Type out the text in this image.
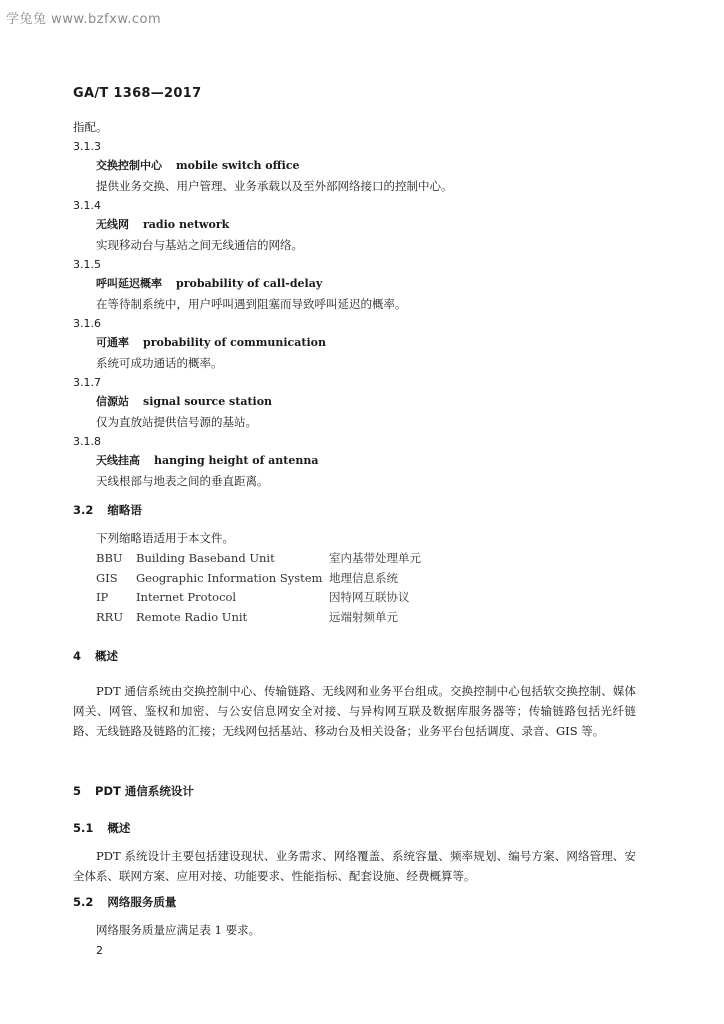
学兔兔 www.bzfxw.com
GA/T 1368—2017
指配。
3.1.3
交换控制中心 mobile switch office
提供业务交换、用户管理、业务承载以及至外部网络接口的控制中心。
3.1.4
无线网 radio network
实现移动台与基站之间无线通信的网络。
3.1.5
呼叫延迟概率 probability of call-delay
在等待制系统中，用户呼叫遇到阻塞而导致呼叫延迟的概率。
3.1.6
可通率 probability of communication
系统可成功通话的概率。
3.1.7
信源站 signal source station
仅为直放站提供信号源的基站。
3.1.8
天线挂高 hanging height of antenna
天线根部与地表之间的垂直距离。
3.2 缩略语
下列缩略语适用于本文件。
BBU Building Baseband Unit	室内基带处理单元
GIS Geographic Information System 地理信息系统
IP Internet Protocol	因特网互联协议
RRU Remote Radio Unit	远端射频单元
4 概述
PDT 通信系统由交换控制中心、传输链路、无线网和业务平台组成。交换控制中心包括软交换控制、媒体网关、网管、鉴权和加密、与公安信息网安全对接、与异构网互联及数据库服务器等；传输链路包括光纤链路、无线链路及链路的汇接；无线网包括基站、移动台及相关设备；业务平台包括调度、录音、GIS 等。
5 PDT 通信系统设计
5.1 概述
PDT 系统设计主要包括建设现状、业务需求、网络覆盖、系统容量、频率规划、编号方案、网络管理、安全体系、联网方案、应用对接、功能要求、性能指标、配套设施、经费概算等。
5.2 网络服务质量
网络服务质量应满足表 1 要求。
2
